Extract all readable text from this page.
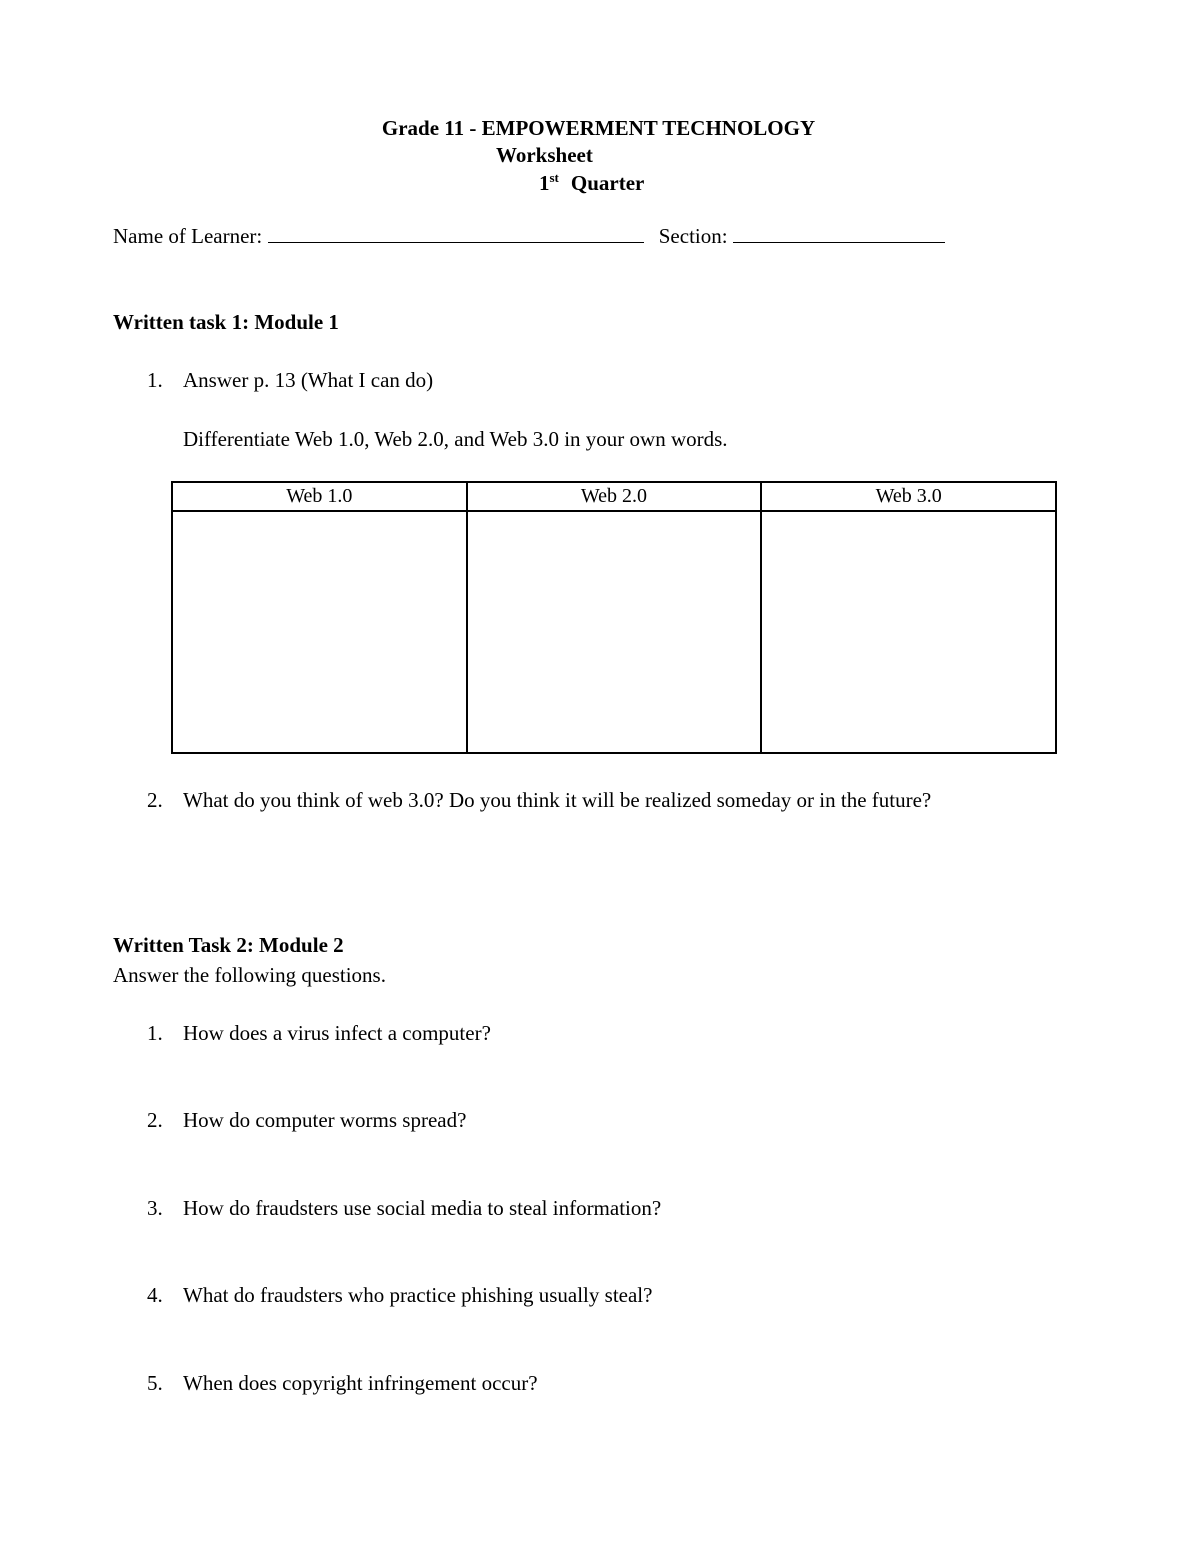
Grade 11 - EMPOWERMENT TECHNOLOGY
Worksheet
1st Quarter
Name of Learner:	Section:
Written task 1: Module 1
1. Answer p. 13 (What I can do)
Differentiate Web 1.0, Web 2.0, and Web 3.0 in your own words.
Web 1.0	Web 2.0	Web 3.0

2. What do you think of web 3.0? Do you think it will be realized someday or in the future?
Written Task 2: Module 2
Answer the following questions.
1. How does a virus infect a computer?
2. How do computer worms spread?
3. How do fraudsters use social media to steal information?
4. What do fraudsters who practice phishing usually steal?
5. When does copyright infringement occur?
